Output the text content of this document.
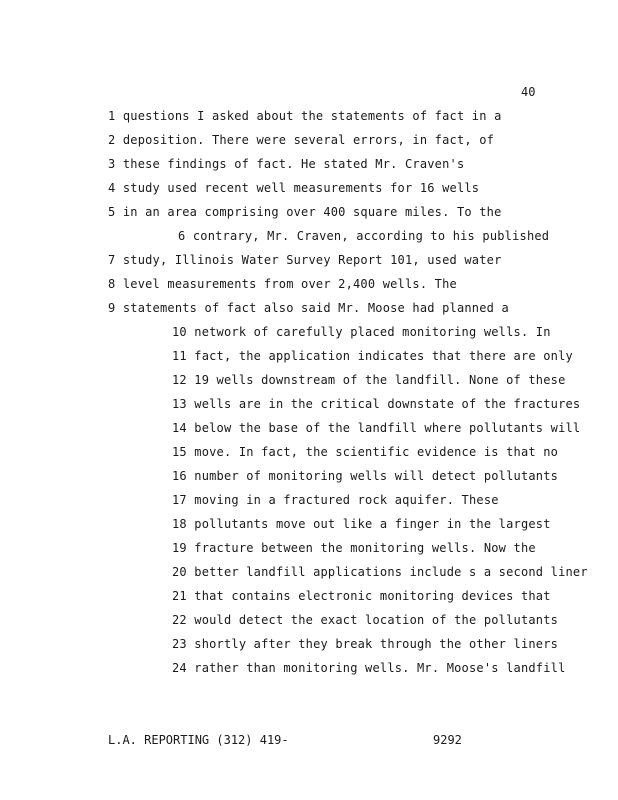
40
1 questions I asked about the statements of fact in a
2 deposition. There were several errors, in fact, of
3 these findings of fact. He stated Mr. Craven's
4 study used recent well measurements for 16 wells
5 in an area comprising over 400 square miles. To the
6 contrary, Mr. Craven, according to his published
7 study, Illinois Water Survey Report 101, used water
8 level measurements from over 2,400 wells. The
9 statements of fact also said Mr. Moose had planned a
10 network of carefully placed monitoring wells. In
11 fact, the application indicates that there are only
12 19 wells downstream of the landfill. None of these
13 wells are in the critical downstate of the fractures
14 below the base of the landfill where pollutants will
15 move. In fact, the scientific evidence is that no
16 number of monitoring wells will detect pollutants
17 moving in a fractured rock aquifer. These
18 pollutants move out like a finger in the largest
19 fracture between the monitoring wells. Now the
20 better landfill applications include s a second liner
21 that contains electronic monitoring devices that
22 would detect the exact location of the pollutants
23 shortly after they break through the other liners
24 rather than monitoring wells. Mr. Moose's landfill
L.A. REPORTING (312) 419-	9292
